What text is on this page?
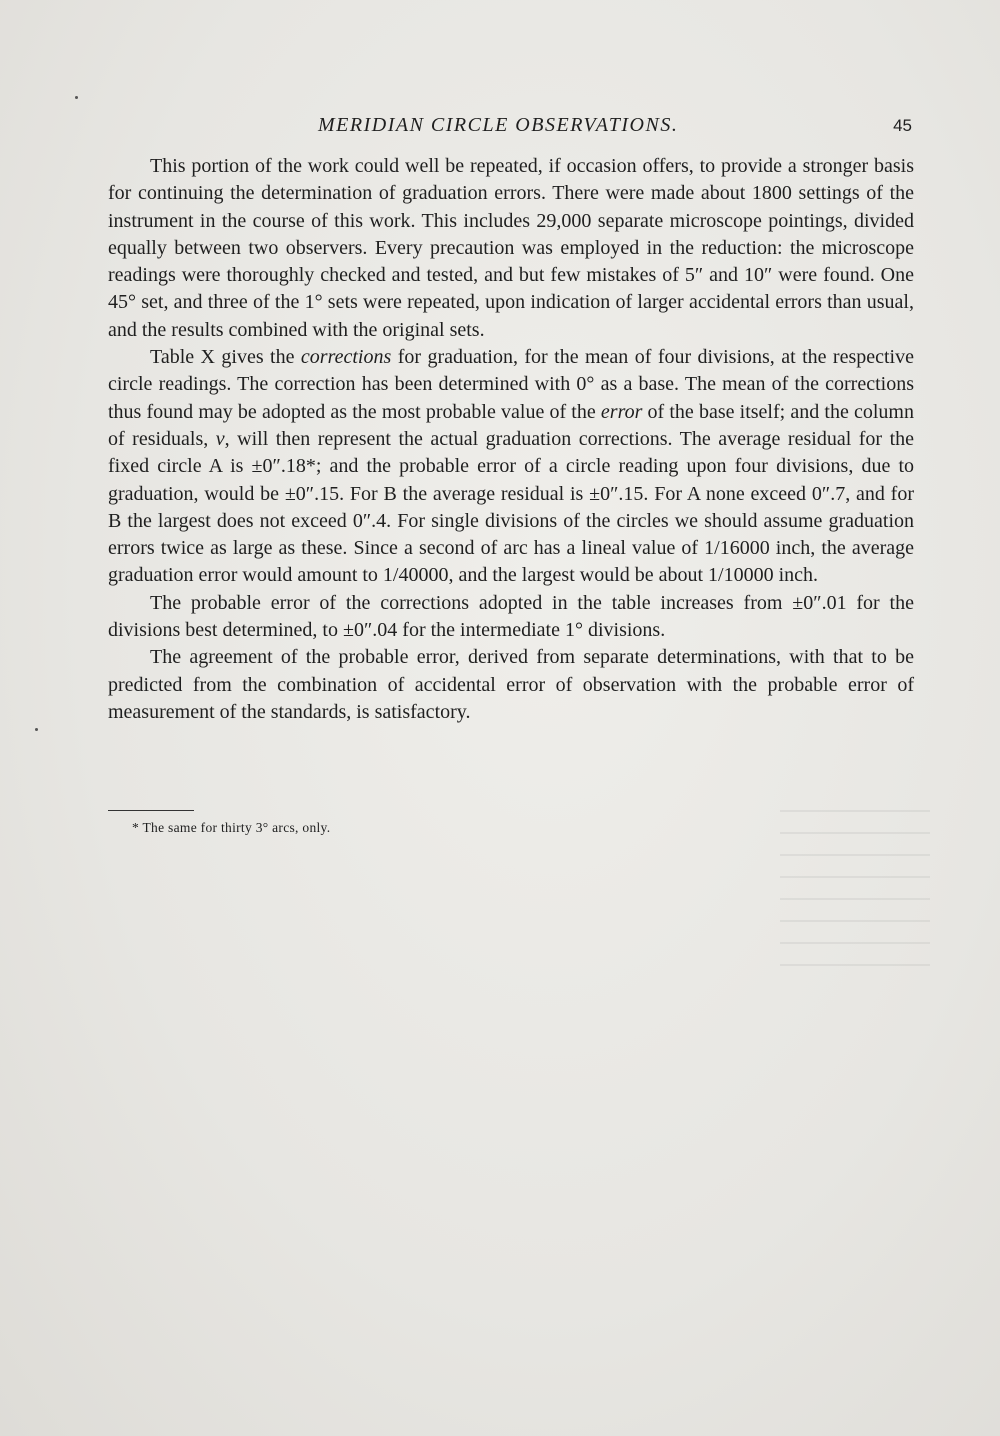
MERIDIAN CIRCLE OBSERVATIONS.	45

This portion of the work could well be repeated, if occasion offers, to provide a stronger basis for continuing the determination of graduation errors. There were made about 1800 settings of the instrument in the course of this work. This includes 29,000 separate microscope pointings, divided equally between two observers. Every precaution was employed in the reduction: the microscope readings were thoroughly checked and tested, and but few mistakes of 5″ and 10″ were found. One 45° set, and three of the 1° sets were repeated, upon indication of larger accidental errors than usual, and the results combined with the original sets.

Table X gives the corrections for graduation, for the mean of four divisions, at the respective circle readings. The correction has been determined with 0° as a base. The mean of the corrections thus found may be adopted as the most probable value of the error of the base itself; and the column of residuals, v, will then represent the actual graduation corrections. The average residual for the fixed circle A is ±0″.18*; and the probable error of a circle reading upon four divisions, due to graduation, would be ±0″.15. For B the average residual is ±0″.15. For A none exceed 0″.7, and for B the largest does not exceed 0″.4. For single divisions of the circles we should assume graduation errors twice as large as these. Since a second of arc has a lineal value of 1/16000 inch, the average graduation error would amount to 1/40000, and the largest would be about 1/10000 inch.

The probable error of the corrections adopted in the table increases from ±0″.01 for the divisions best determined, to ±0″.04 for the intermediate 1° divisions.

The agreement of the probable error, derived from separate determinations, with that to be predicted from the combination of accidental error of observation with the probable error of measurement of the standards, is satisfactory.

* The same for thirty 3° arcs, only.
